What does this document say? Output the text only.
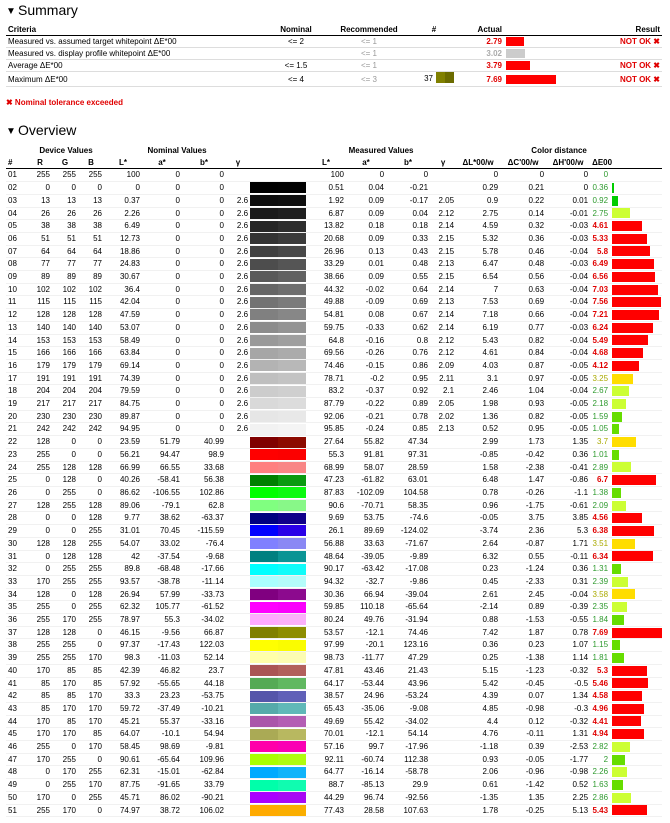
▼ Summary
Criteria	Nominal	Recommended	#	Actual		Result
Measured vs. assumed target whitepoint ΔE*00	<= 2	<= 1		2.79		NOT OK ✖
Measured vs. display profile whitepoint ΔE*00		<= 1		3.02	

Average ΔE*00	<= 1.5	<= 1		3.79		NOT OK ✖
Maximum ΔE*00	<= 4	<= 3	37	7.69		NOT OK ✖
✖ Nominal tolerance exceeded
▼ Overview
	Device Values			Nominal Values					Measured Values				Color distance				
#	R	G	B	L*	a*	b*	γ		L*	a*	b*	γ	ΔL*00/w	ΔC'00/w	ΔH'00/w	ΔE00	
01	255	255	255	100	0	0			100	0	0		0	0	0	0	

02	0	0	0	0	0	0			0.51	0.04	-0.21		0.29	0.21	0	0.36	

03	13	13	13	0.37	0	0	2.6		1.92	0.09	-0.17	2.05	0.9	0.22	0.01	0.92	

04	26	26	26	2.26	0	0	2.6		6.87	0.09	0.04	2.12	2.75	0.14	-0.01	2.75	

05	38	38	38	6.49	0	0	2.6		13.82	0.18	0.18	2.14	4.59	0.32	-0.03	4.61	

06	51	51	51	12.73	0	0	2.6		20.68	0.09	0.33	2.15	5.32	0.36	-0.03	5.33	

07	64	64	64	18.86	0	0	2.6		26.96	0.13	0.43	2.15	5.78	0.46	-0.04	5.8	

08	77	77	77	24.83	0	0	2.6		33.29	0.01	0.48	2.13	6.47	0.48	-0.03	6.49	

09	89	89	89	30.67	0	0	2.6		38.66	0.09	0.55	2.15	6.54	0.56	-0.04	6.56	

10	102	102	102	36.4	0	0	2.6		44.32	-0.02	0.64	2.14	7	0.63	-0.04	7.03	

11	115	115	115	42.04	0	0	2.6		49.88	-0.09	0.69	2.13	7.53	0.69	-0.04	7.56	

12	128	128	128	47.59	0	0	2.6		54.81	0.08	0.67	2.14	7.18	0.66	-0.04	7.21	

13	140	140	140	53.07	0	0	2.6		59.75	-0.33	0.62	2.14	6.19	0.77	-0.03	6.24	

14	153	153	153	58.49	0	0	2.6		64.8	-0.16	0.8	2.12	5.43	0.82	-0.04	5.49	

15	166	166	166	63.84	0	0	2.6		69.56	-0.26	0.76	2.12	4.61	0.84	-0.04	4.68	

16	179	179	179	69.14	0	0	2.6		74.46	-0.15	0.86	2.09	4.03	0.87	-0.05	4.12	

17	191	191	191	74.39	0	0	2.6		78.71	-0.2	0.95	2.11	3.1	0.97	-0.05	3.25	

18	204	204	204	79.59	0	0	2.6		83.2	-0.37	0.92	2.1	2.46	1.04	-0.04	2.67	

19	217	217	217	84.75	0	0	2.6		87.79	-0.22	0.89	2.05	1.98	0.93	-0.05	2.18	

20	230	230	230	89.87	0	0	2.6		92.06	-0.21	0.78	2.02	1.36	0.82	-0.05	1.59	

21	242	242	242	94.95	0	0	2.6		95.85	-0.24	0.85	2.13	0.52	0.95	-0.05	1.05	

22	128	0	0	23.59	51.79	40.99			27.64	55.82	47.34		2.99	1.73	1.35	3.7	

23	255	0	0	56.21	94.47	98.9			55.3	91.81	97.31		-0.85	-0.42	0.36	1.01	

24	255	128	128	66.99	66.55	33.68			68.99	58.07	28.59		1.58	-2.38	-0.41	2.89	

25	0	128	0	40.26	-58.41	56.38			47.23	-61.82	63.01		6.48	1.47	-0.86	6.7	

26	0	255	0	86.62	-106.55	102.86			87.83	-102.09	104.58		0.78	-0.26	-1.1	1.38	

27	128	255	128	89.06	-79.1	62.8			90.6	-70.71	58.35		0.96	-1.75	-0.61	2.09	

28	0	0	128	9.77	38.62	-63.37			9.69	53.75	-74.6		-0.05	3.75	3.85	4.56	

29	0	0	255	31.01	70.45	-115.59			26.1	89.69	-124.02		-3.74	2.36	5.3	6.38	

30	128	128	255	54.07	33.02	-76.4			56.88	33.63	-71.67		2.64	-0.87	1.71	3.51	

31	0	128	128	42	-37.54	-9.68			48.64	-39.05	-9.89		6.32	0.55	-0.11	6.34	

32	0	255	255	89.8	-68.48	-17.66			90.17	-63.42	-17.08		0.23	-1.24	0.36	1.31	

33	170	255	255	93.57	-38.78	-11.14			94.32	-32.7	-9.86		0.45	-2.33	0.31	2.39	

34	128	0	128	26.94	57.99	-33.73			30.36	66.94	-39.04		2.61	2.45	-0.04	3.58	

35	255	0	255	62.32	105.77	-61.52			59.85	110.18	-65.64		-2.14	0.89	-0.39	2.35	

36	255	170	255	78.97	55.3	-34.02			80.24	49.76	-31.94		0.88	-1.53	-0.55	1.84	

37	128	128	0	46.15	-9.56	66.87			53.57	-12.1	74.46		7.42	1.87	0.78	7.69	

38	255	255	0	97.37	-17.43	122.03			97.99	-20.1	123.16		0.36	0.23	1.07	1.15	

39	255	255	170	98.3	-11.03	52.14			98.73	-11.77	47.29		0.25	-1.38	1.14	1.81	

40	170	85	85	42.39	46.82	23.7			47.81	43.46	21.43		5.15	-1.23	-0.32	5.3	

41	85	170	85	57.92	-55.65	44.18			64.17	-53.44	43.96		5.42	-0.45	-0.5	5.46	

42	85	85	170	33.3	23.23	-53.75			38.57	24.96	-53.24		4.39	0.07	1.34	4.58	

43	85	170	170	59.72	-37.49	-10.21			65.43	-35.06	-9.08		4.85	-0.98	-0.3	4.96	

44	170	85	170	45.21	55.37	-33.16			49.69	55.42	-34.02		4.4	0.12	-0.32	4.41	

45	170	170	85	64.07	-10.1	54.94			70.01	-12.1	54.14		4.76	-0.11	1.31	4.94	

46	255	0	170	58.45	98.69	-9.81			57.16	99.7	-17.96		-1.18	0.39	-2.53	2.82	

47	170	255	0	90.61	-65.64	109.96			92.11	-60.74	112.38		0.93	-0.05	-1.77	2	

48	0	170	255	62.31	-15.01	-62.84			64.77	-16.14	-58.78		2.06	-0.96	-0.98	2.26	

49	0	255	170	87.75	-91.65	33.79			88.7	-85.13	29.9		0.61	-1.42	0.52	1.63	

50	170	0	255	45.71	86.02	-90.21			44.29	96.74	-92.56		-1.35	1.35	2.25	2.86	

51	255	170	0	74.97	38.72	106.02			77.43	28.58	107.63		1.78	-0.25	5.13	5.43	
